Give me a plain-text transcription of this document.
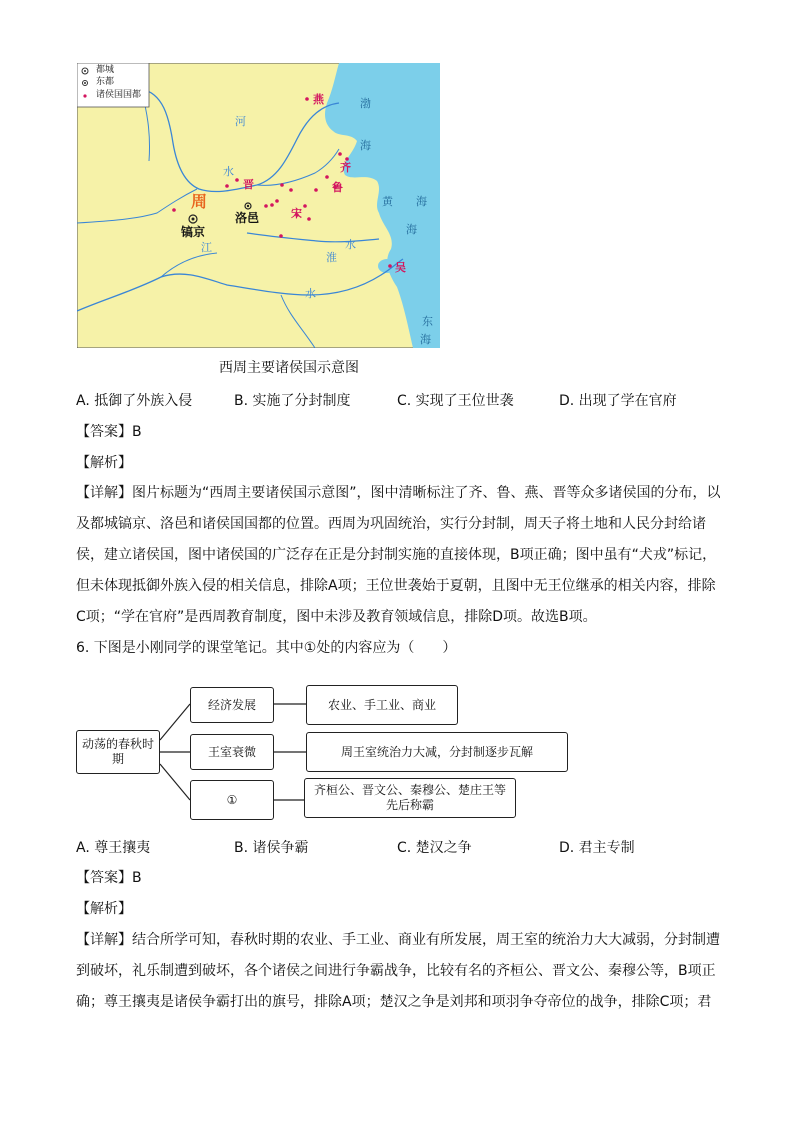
都城
东都
诸侯国国都	燕
齐
鲁
晋
宋
吴
周
镐京
洛邑
河
水
淮
水
江
水
渤
海
黄 海
海
东
海
西周主要诸侯国示意图
A. 抵御了外族入侵	B. 实施了分封制度	C. 实现了王位世袭	D. 出现了学在官府
【答案】B
【解析】
【详解】图片标题为“西周主要诸侯国示意图”，图中清晰标注了齐、鲁、燕、晋等众多诸侯国的分布，以及都城镐京、洛邑和诸侯国国都的位置。西周为巩固统治，实行分封制，周天子将土地和人民分封给诸侯，建立诸侯国，图中诸侯国的广泛存在正是分封制实施的直接体现，B项正确；图中虽有“犬戎”标记，但未体现抵御外族入侵的相关信息，排除A项；王位世袭始于夏朝，且图中无王位继承的相关内容，排除C项；“学在官府”是西周教育制度，图中未涉及教育领域信息，排除D项。故选B项。
6. 下图是小刚同学的课堂笔记。其中①处的内容应为（　　）
动荡的春秋时期
经济发展
王室衰微
①
农业、手工业、商业
周王室统治力大减，分封制逐步瓦解
齐桓公、晋文公、秦穆公、楚庄王等先后称霸
A. 尊王攘夷	B. 诸侯争霸	C. 楚汉之争	D. 君主专制
【答案】B
【解析】
【详解】结合所学可知，春秋时期的农业、手工业、商业有所发展，周王室的统治力大大减弱，分封制遭到破坏，礼乐制遭到破坏，各个诸侯之间进行争霸战争，比较有名的齐桓公、晋文公、秦穆公等，B项正确；尊王攘夷是诸侯争霸打出的旗号，排除A项；楚汉之争是刘邦和项羽争夺帝位的战争，排除C项；君
